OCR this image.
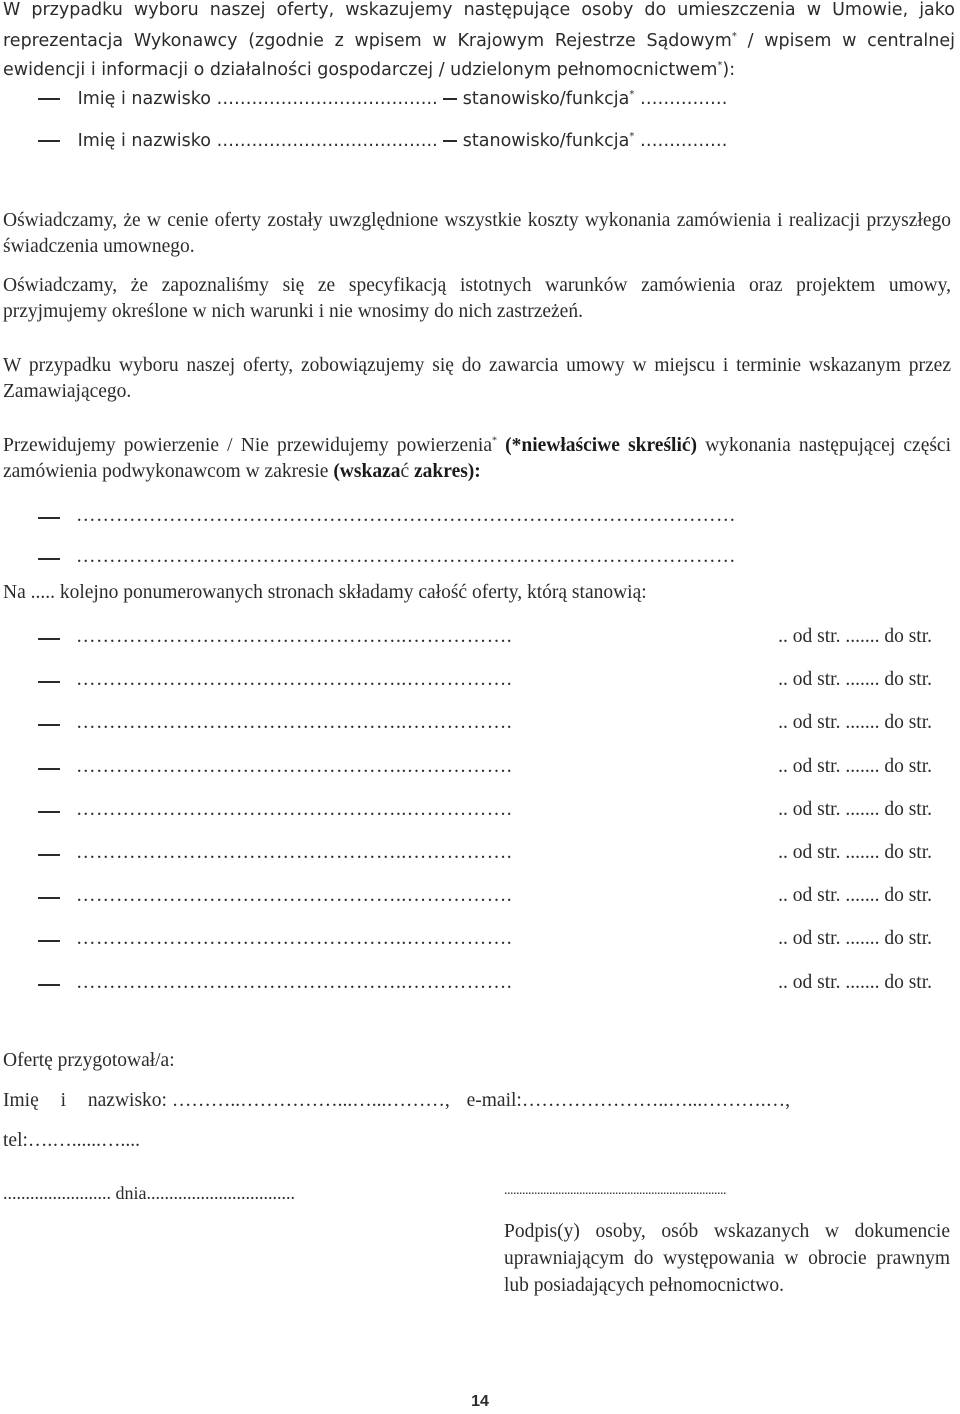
W przypadku wyboru naszej oferty, wskazujemy następujące osoby do umieszczenia w Umowie, jako
reprezentacja Wykonawcy (zgodnie z wpisem w Krajowym Rejestrze Sądowym* / wpisem w centralnej
ewidencji i informacji o działalności gospodarczej / udzielonym pełnomocnictwem*):
Imię i nazwisko ……………………………….. stanowisko/funkcja* ……………
Imię i nazwisko ……………………………….. stanowisko/funkcja* ……………
Oświadczamy, że w cenie oferty zostały uwzględnione wszystkie koszty wykonania zamówienia i realizacji przyszłego świadczenia umownego.
Oświadczamy, że zapoznaliśmy się ze specyfikacją istotnych warunków zamówienia oraz projektem umowy, przyjmujemy określone w nich warunki i nie wnosimy do nich zastrzeżeń.
W przypadku wyboru naszej oferty, zobowiązujemy się do zawarcia umowy w miejscu i terminie wskazanym przez Zamawiającego.
Przewidujemy powierzenie / Nie przewidujemy powierzenia* (*niewłaściwe skreślić) wykonania następującej części zamówienia podwykonawcom w zakresie (wskazać zakres):
………………………………………………………………………………………
………………………………………………………………………………………
Na ..... kolejno ponumerowanych stronach składamy całość oferty, którą stanowią:
…………………………………………..…………….	.. od str. ....... do str.
…………………………………………..…………….	.. od str. ....... do str.
…………………………………………..…………….	.. od str. ....... do str.
…………………………………………..…………….	.. od str. ....... do str.
…………………………………………..…………….	.. od str. ....... do str.
…………………………………………..…………….	.. od str. ....... do str.
…………………………………………..…………….	.. od str. ....... do str.
…………………………………………..…………….	.. od str. ....... do str.
…………………………………………..…………….	.. od str. ....... do str.
Ofertę przygotował/a:
Imię i nazwisko: ………..……………...…...………, e-mail:…………………..…...……….…,
tel:….…......…....
........................ dnia.................................	..........................................................................
Podpis(y) osoby, osób wskazanych w dokumencie uprawniającym do występowania w obrocie prawnym lub posiadających pełnomocnictwo.
14
